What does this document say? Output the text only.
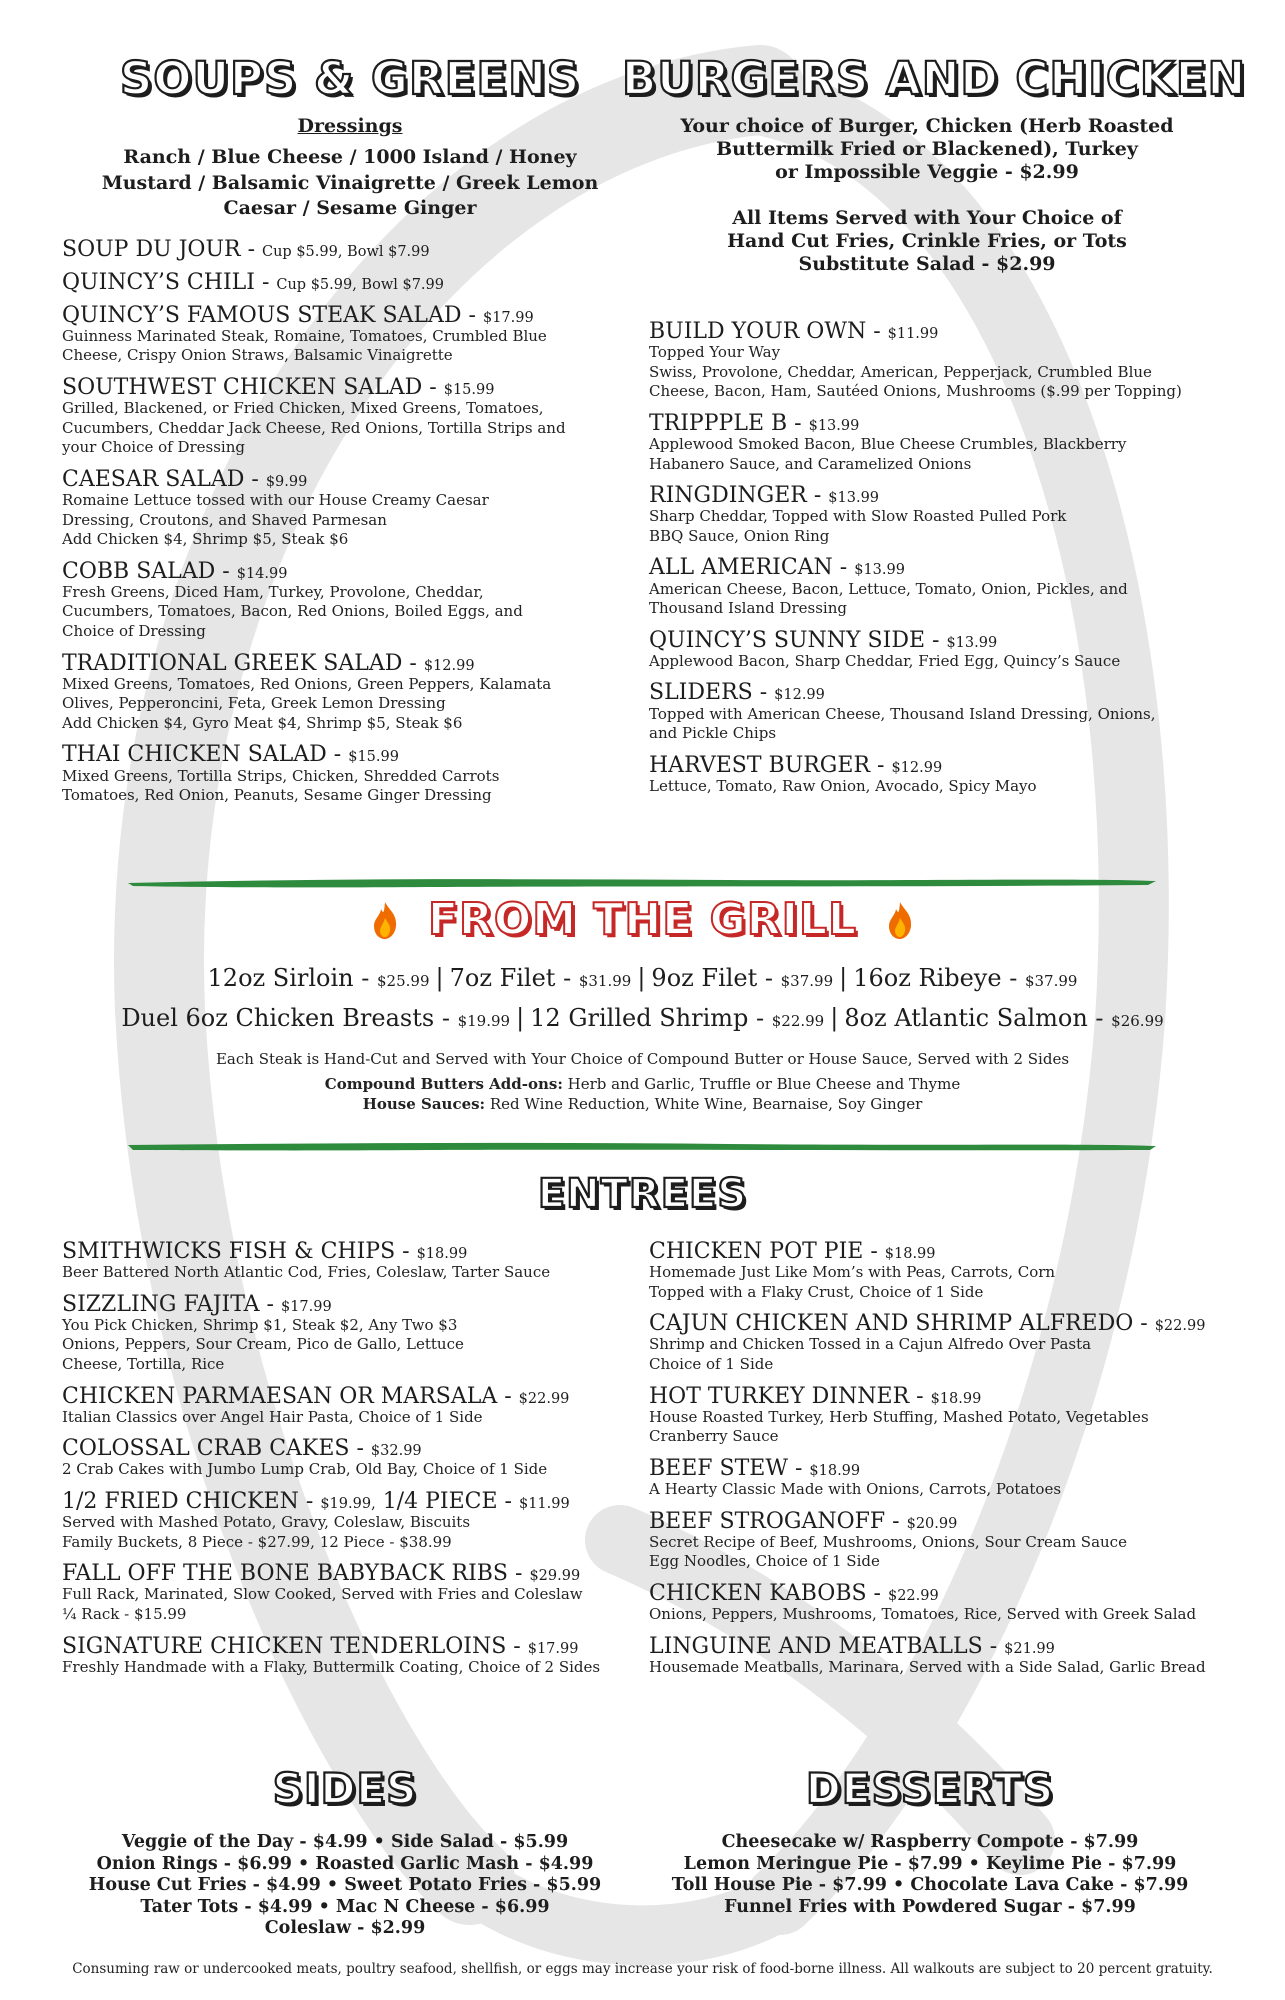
SOUPS & GREENS
Dressings
Ranch / Blue Cheese / 1000 Island / Honey
Mustard / Balsamic Vinaigrette / Greek Lemon
Caesar / Sesame Ginger
SOUP DU JOUR - Cup $5.99, Bowl $7.99
QUINCY’S CHILI - Cup $5.99, Bowl $7.99
QUINCY’S FAMOUS STEAK SALAD - $17.99
Guinness Marinated Steak, Romaine, Tomatoes, Crumbled Blue
Cheese, Crispy Onion Straws, Balsamic Vinaigrette
SOUTHWEST CHICKEN SALAD - $15.99
Grilled, Blackened, or Fried Chicken, Mixed Greens, Tomatoes,
Cucumbers, Cheddar Jack Cheese, Red Onions, Tortilla Strips and
your Choice of Dressing
CAESAR SALAD - $9.99
Romaine Lettuce tossed with our House Creamy Caesar
Dressing, Croutons, and Shaved Parmesan
Add Chicken $4, Shrimp $5, Steak $6
COBB SALAD - $14.99
Fresh Greens, Diced Ham, Turkey, Provolone, Cheddar,
Cucumbers, Tomatoes, Bacon, Red Onions, Boiled Eggs, and
Choice of Dressing
TRADITIONAL GREEK SALAD - $12.99
Mixed Greens, Tomatoes, Red Onions, Green Peppers, Kalamata
Olives, Pepperoncini, Feta, Greek Lemon Dressing
Add Chicken $4, Gyro Meat $4, Shrimp $5, Steak $6
THAI CHICKEN SALAD - $15.99
Mixed Greens, Tortilla Strips, Chicken, Shredded Carrots
Tomatoes, Red Onion, Peanuts, Sesame Ginger Dressing
BURGERS AND CHICKEN
Your choice of Burger, Chicken (Herb Roasted
Buttermilk Fried or Blackened), Turkey
or Impossible Veggie - $2.99
All Items Served with Your Choice of
Hand Cut Fries, Crinkle Fries, or Tots
Substitute Salad - $2.99
BUILD YOUR OWN - $11.99
Topped Your Way
Swiss, Provolone, Cheddar, American, Pepperjack, Crumbled Blue
Cheese, Bacon, Ham, Sautéed Onions, Mushrooms ($.99 per Topping)
TRIPPPLE B - $13.99
Applewood Smoked Bacon, Blue Cheese Crumbles, Blackberry
Habanero Sauce, and Caramelized Onions
RINGDINGER - $13.99
Sharp Cheddar, Topped with Slow Roasted Pulled Pork
BBQ Sauce, Onion Ring
ALL AMERICAN - $13.99
American Cheese, Bacon, Lettuce, Tomato, Onion, Pickles, and
Thousand Island Dressing
QUINCY’S SUNNY SIDE - $13.99
Applewood Bacon, Sharp Cheddar, Fried Egg, Quincy’s Sauce
SLIDERS - $12.99
Topped with American Cheese, Thousand Island Dressing, Onions,
and Pickle Chips
HARVEST BURGER - $12.99
Lettuce, Tomato, Raw Onion, Avocado, Spicy Mayo
FROM THE GRILL
12oz Sirloin - $25.99 | 7oz Filet - $31.99 | 9oz Filet - $37.99 | 16oz Ribeye - $37.99
Duel 6oz Chicken Breasts - $19.99 | 12 Grilled Shrimp - $22.99 | 8oz Atlantic Salmon - $26.99
Each Steak is Hand-Cut and Served with Your Choice of Compound Butter or House Sauce, Served with 2 Sides
Compound Butters Add-ons: Herb and Garlic, Truffle or Blue Cheese and Thyme
House Sauces: Red Wine Reduction, White Wine, Bearnaise, Soy Ginger
ENTREES
SMITHWICKS FISH & CHIPS - $18.99
Beer Battered North Atlantic Cod, Fries, Coleslaw, Tarter Sauce
SIZZLING FAJITA - $17.99
You Pick Chicken, Shrimp $1, Steak $2, Any Two $3
Onions, Peppers, Sour Cream, Pico de Gallo, Lettuce
Cheese, Tortilla, Rice
CHICKEN PARMAESAN OR MARSALA - $22.99
Italian Classics over Angel Hair Pasta, Choice of 1 Side
COLOSSAL CRAB CAKES - $32.99
2 Crab Cakes with Jumbo Lump Crab, Old Bay, Choice of 1 Side
1/2 FRIED CHICKEN - $19.99, 1/4 PIECE - $11.99
Served with Mashed Potato, Gravy, Coleslaw, Biscuits
Family Buckets, 8 Piece - $27.99, 12 Piece - $38.99
FALL OFF THE BONE BABYBACK RIBS - $29.99
Full Rack, Marinated, Slow Cooked, Served with Fries and Coleslaw
¼ Rack - $15.99
SIGNATURE CHICKEN TENDERLOINS - $17.99
Freshly Handmade with a Flaky, Buttermilk Coating, Choice of 2 Sides
CHICKEN POT PIE - $18.99
Homemade Just Like Mom’s with Peas, Carrots, Corn
Topped with a Flaky Crust, Choice of 1 Side
CAJUN CHICKEN AND SHRIMP ALFREDO - $22.99
Shrimp and Chicken Tossed in a Cajun Alfredo Over Pasta
Choice of 1 Side
HOT TURKEY DINNER - $18.99
House Roasted Turkey, Herb Stuffing, Mashed Potato, Vegetables
Cranberry Sauce
BEEF STEW - $18.99
A Hearty Classic Made with Onions, Carrots, Potatoes
BEEF STROGANOFF - $20.99
Secret Recipe of Beef, Mushrooms, Onions, Sour Cream Sauce
Egg Noodles, Choice of 1 Side
CHICKEN KABOBS - $22.99
Onions, Peppers, Mushrooms, Tomatoes, Rice, Served with Greek Salad
LINGUINE AND MEATBALLS - $21.99
Housemade Meatballs, Marinara, Served with a Side Salad, Garlic Bread
SIDES
Veggie of the Day - $4.99 • Side Salad - $5.99
Onion Rings - $6.99 • Roasted Garlic Mash - $4.99
House Cut Fries - $4.99 • Sweet Potato Fries - $5.99
Tater Tots - $4.99 • Mac N Cheese - $6.99
Coleslaw - $2.99
DESSERTS
Cheesecake w/ Raspberry Compote - $7.99
Lemon Meringue Pie - $7.99 • Keylime Pie - $7.99
Toll House Pie - $7.99 • Chocolate Lava Cake - $7.99
Funnel Fries with Powdered Sugar - $7.99
Consuming raw or undercooked meats, poultry seafood, shellfish, or eggs may increase your risk of food-borne illness. All walkouts are subject to 20 percent gratuity.
